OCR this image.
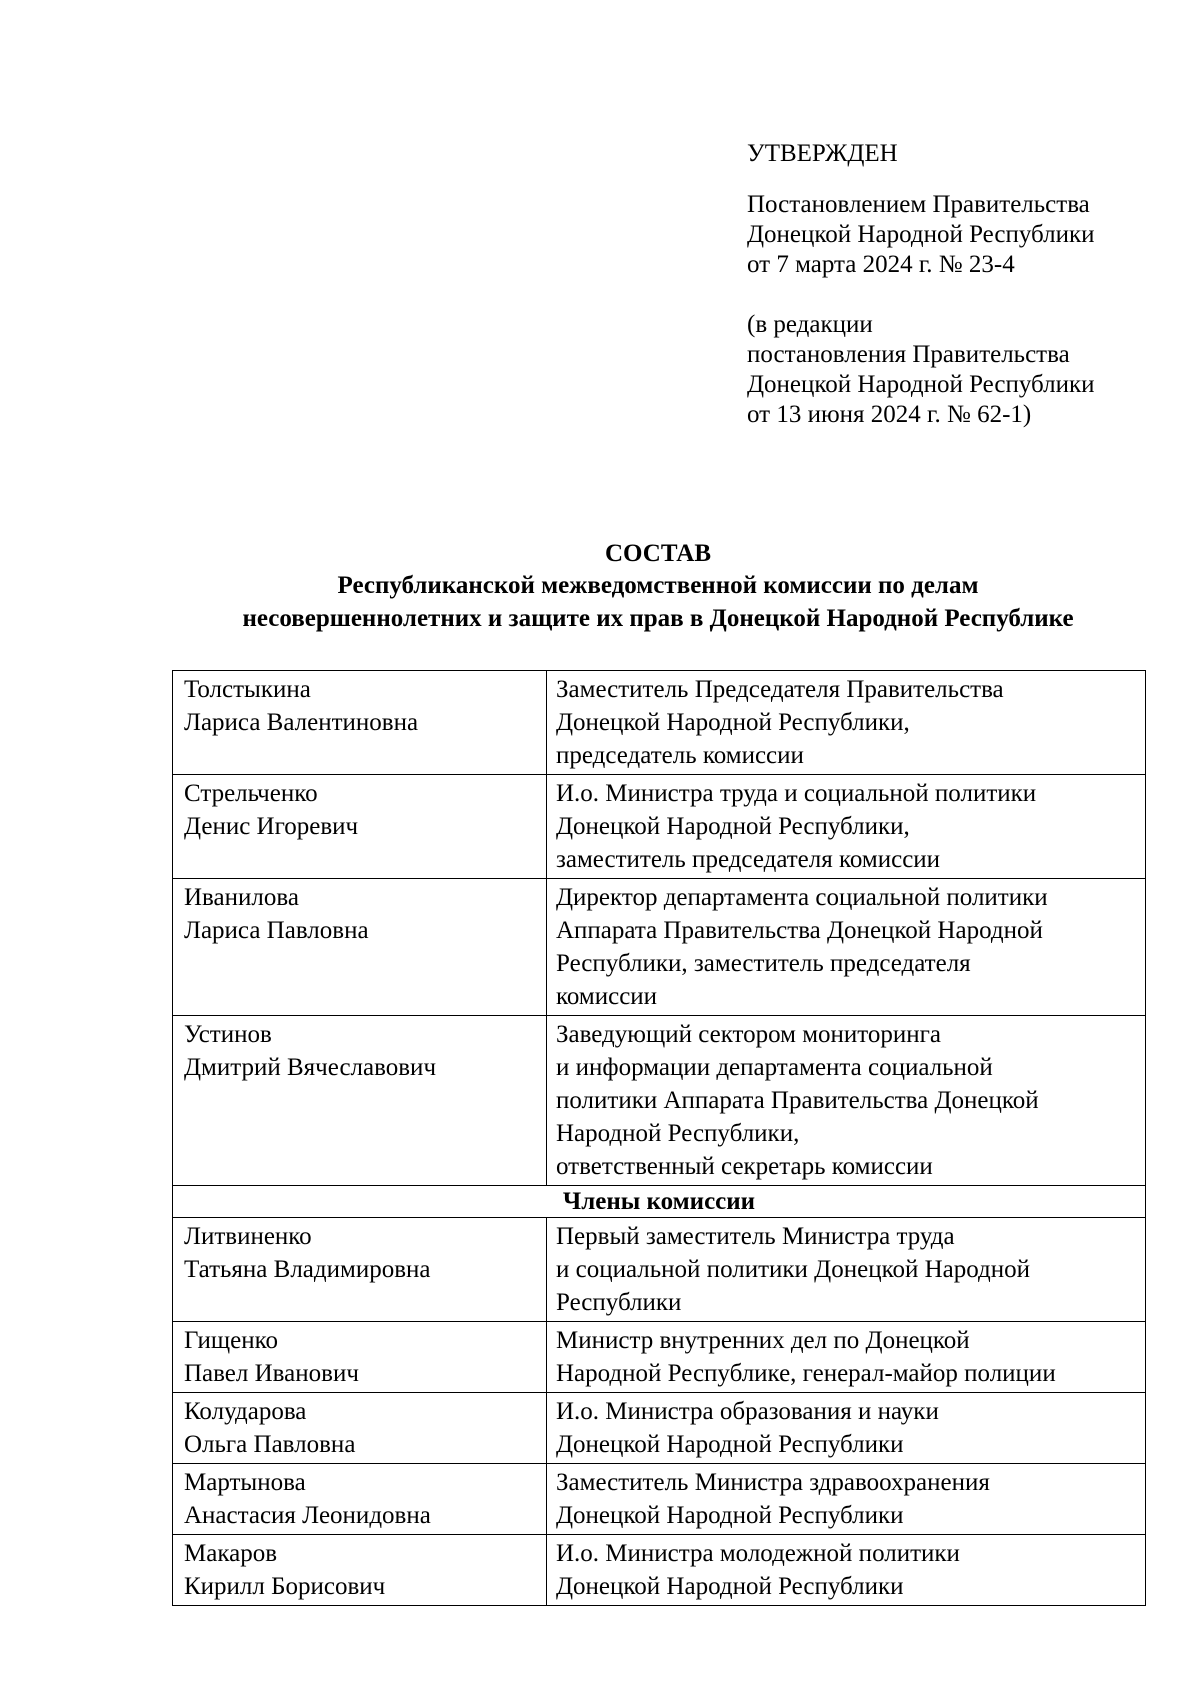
УТВЕРЖДЕН
Постановлением Правительства
Донецкой Народной Республики
от 7 марта 2024 г. № 23-4
(в редакции
постановления Правительства
Донецкой Народной Республики
от 13 июня 2024 г. № 62-1)
СОСТАВ
Республиканской межведомственной комиссии по делам
несовершеннолетних и защите их прав в Донецкой Народной Республике
Толстыкина
Лариса Валентиновна	Заместитель Председателя Правительства
Донецкой Народной Республики,
председатель комиссии

Стрельченко
Денис Игоревич	И.о. Министра труда и социальной политики
Донецкой Народной Республики,
заместитель председателя комиссии

Иванилова
Лариса Павловна	Директор департамента социальной политики
Аппарата Правительства Донецкой Народной
Республики, заместитель председателя
комиссии

Устинов
Дмитрий Вячеславович	Заведующий сектором мониторинга
и информации департамента социальной
политики Аппарата Правительства Донецкой
Народной Республики,
ответственный секретарь комиссии

Члены комиссии	

Литвиненко
Татьяна Владимировна	Первый заместитель Министра труда
и социальной политики Донецкой Народной
Республики

Гищенко
Павел Иванович	Министр внутренних дел по Донецкой
Народной Республике, генерал-майор полиции

Колударова
Ольга Павловна	И.о. Министра образования и науки
Донецкой Народной Республики

Мартынова
Анастасия Леонидовна	Заместитель Министра здравоохранения
Донецкой Народной Республики

Макаров
Кирилл Борисович	И.о. Министра молодежной политики
Донецкой Народной Республики
